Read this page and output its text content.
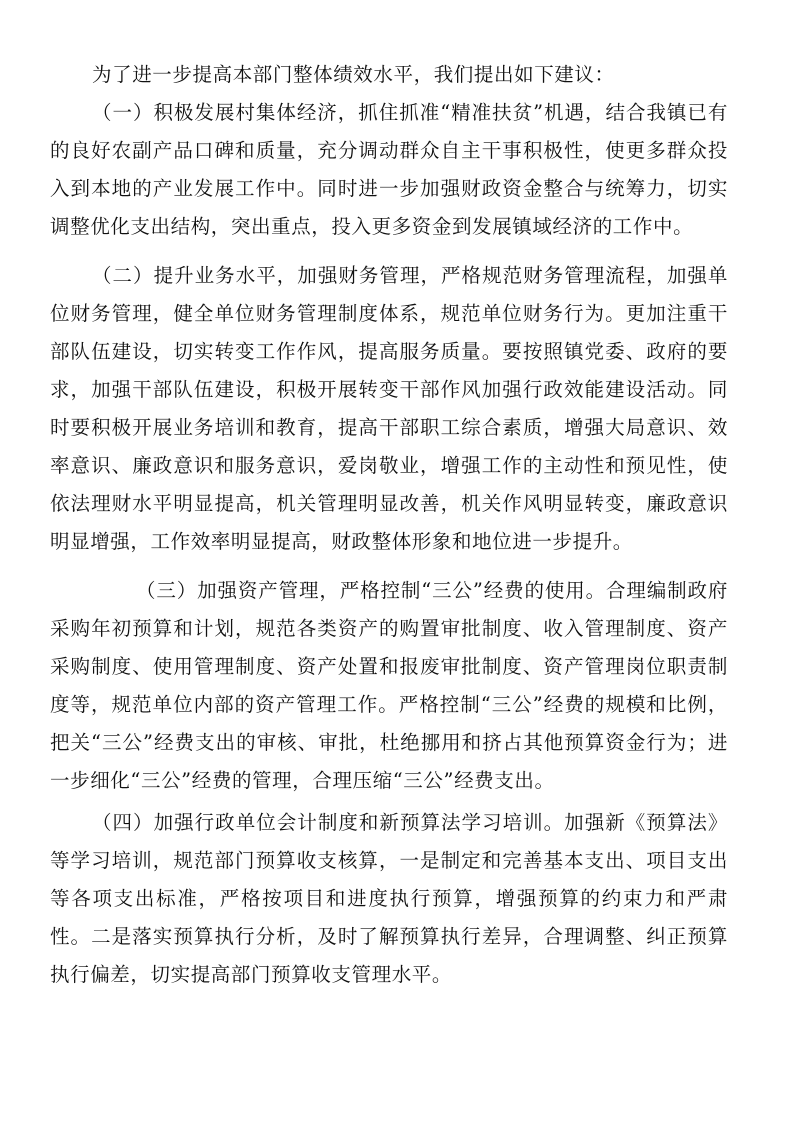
为了进一步提高本部门整体绩效水平，我们提出如下建议：

（一）积极发展村集体经济，抓住抓准“精准扶贫”机遇，结合我镇已有的良好农副产品口碑和质量，充分调动群众自主干事积极性，使更多群众投入到本地的产业发展工作中。同时进一步加强财政资金整合与统筹力，切实调整优化支出结构，突出重点，投入更多资金到发展镇域经济的工作中。

（二）提升业务水平，加强财务管理，严格规范财务管理流程，加强单位财务管理，健全单位财务管理制度体系，规范单位财务行为。更加注重干部队伍建设，切实转变工作作风，提高服务质量。要按照镇党委、政府的要求，加强干部队伍建设，积极开展转变干部作风加强行政效能建设活动。同时要积极开展业务培训和教育，提高干部职工综合素质，增强大局意识、效率意识、廉政意识和服务意识，爱岗敬业，增强工作的主动性和预见性，使依法理财水平明显提高，机关管理明显改善，机关作风明显转变，廉政意识明显增强，工作效率明显提高，财政整体形象和地位进一步提升。

（三）加强资产管理，严格控制“三公”经费的使用。合理编制政府采购年初预算和计划，规范各类资产的购置审批制度、收入管理制度、资产采购制度、使用管理制度、资产处置和报废审批制度、资产管理岗位职责制度等，规范单位内部的资产管理工作。严格控制“三公”经费的规模和比例，把关“三公”经费支出的审核、审批，杜绝挪用和挤占其他预算资金行为；进一步细化“三公”经费的管理，合理压缩“三公”经费支出。

（四）加强行政单位会计制度和新预算法学习培训。加强新《预算法》等学习培训，规范部门预算收支核算，一是制定和完善基本支出、项目支出等各项支出标准，严格按项目和进度执行预算，增强预算的约束力和严肃性。二是落实预算执行分析，及时了解预算执行差异，合理调整、纠正预算执行偏差，切实提高部门预算收支管理水平。
